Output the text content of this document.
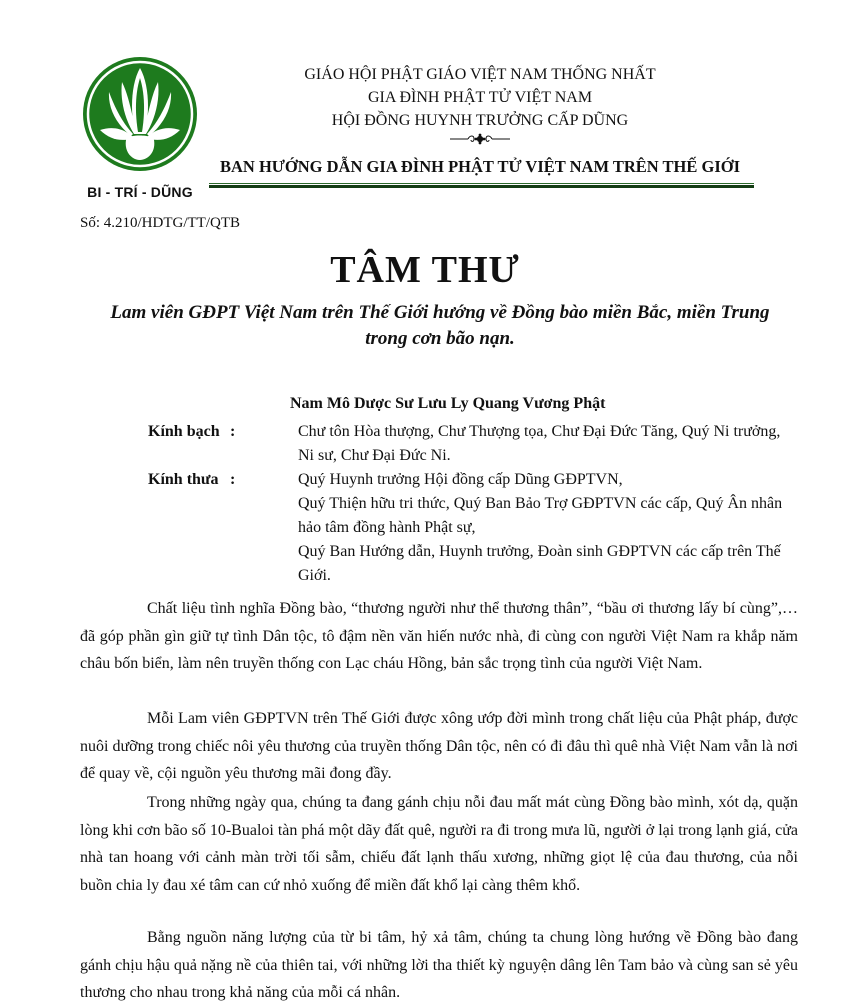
BI - TRÍ - DŨNG
GIÁO HỘI PHẬT GIÁO VIỆT NAM THỐNG NHẤT
GIA ĐÌNH PHẬT TỬ VIỆT NAM
HỘI ĐỒNG HUYNH TRƯỞNG CẤP DŨNG
BAN HƯỚNG DẪN GIA ĐÌNH PHẬT TỬ VIỆT NAM TRÊN THẾ GIỚI
Số: 4.210/HDTG/TT/QTB
TÂM THƯ
Lam viên GĐPT Việt Nam trên Thế Giới hướng về Đồng bào miền Bắc, miền Trung trong cơn bão nạn.
Nam Mô Dược Sư Lưu Ly Quang Vương Phật
Kính bạch :	Chư tôn Hòa thượng, Chư Thượng tọa, Chư Đại Đức Tăng, Quý Ni trưởng, Ni sư, Chư Đại Đức Ni.
Kính thưa :	Quý Huynh trưởng Hội đồng cấp Dũng GĐPTVN,
Quý Thiện hữu tri thức, Quý Ban Bảo Trợ GĐPTVN các cấp, Quý Ân nhân hảo tâm đồng hành Phật sự,
Quý Ban Hướng dẫn, Huynh trưởng, Đoàn sinh GĐPTVN các cấp trên Thế Giới.

Chất liệu tình nghĩa Đồng bào, “thương người như thể thương thân”, “bầu ơi thương lấy bí cùng”,…đã góp phần gìn giữ tự tình Dân tộc, tô đậm nền văn hiến nước nhà, đi cùng con người Việt Nam ra khắp năm châu bốn biển, làm nên truyền thống con Lạc cháu Hồng, bản sắc trọng tình của người Việt Nam.

Mỗi Lam viên GĐPTVN trên Thế Giới được xông ướp đời mình trong chất liệu của Phật pháp, được nuôi dưỡng trong chiếc nôi yêu thương của truyền thống Dân tộc, nên có đi đâu thì quê nhà Việt Nam vẫn là nơi để quay về, cội nguồn yêu thương mãi đong đầy.

Trong những ngày qua, chúng ta đang gánh chịu nỗi đau mất mát cùng Đồng bào mình, xót dạ, quặn lòng khi cơn bão số 10-Bualoi tàn phá một dãy đất quê, người ra đi trong mưa lũ, người ở lại trong lạnh giá, cửa nhà tan hoang với cảnh màn trời tối sẫm, chiếu đất lạnh thấu xương, những giọt lệ của đau thương, của nỗi buồn chia ly đau xé tâm can cứ nhỏ xuống để miền đất khổ lại càng thêm khổ.

Bằng nguồn năng lượng của từ bi tâm, hỷ xả tâm, chúng ta chung lòng hướng về Đồng bào đang gánh chịu hậu quả nặng nề của thiên tai, với những lời tha thiết kỳ nguyện dâng lên Tam bảo và cùng san sẻ yêu thương cho nhau trong khả năng của mỗi cá nhân.
